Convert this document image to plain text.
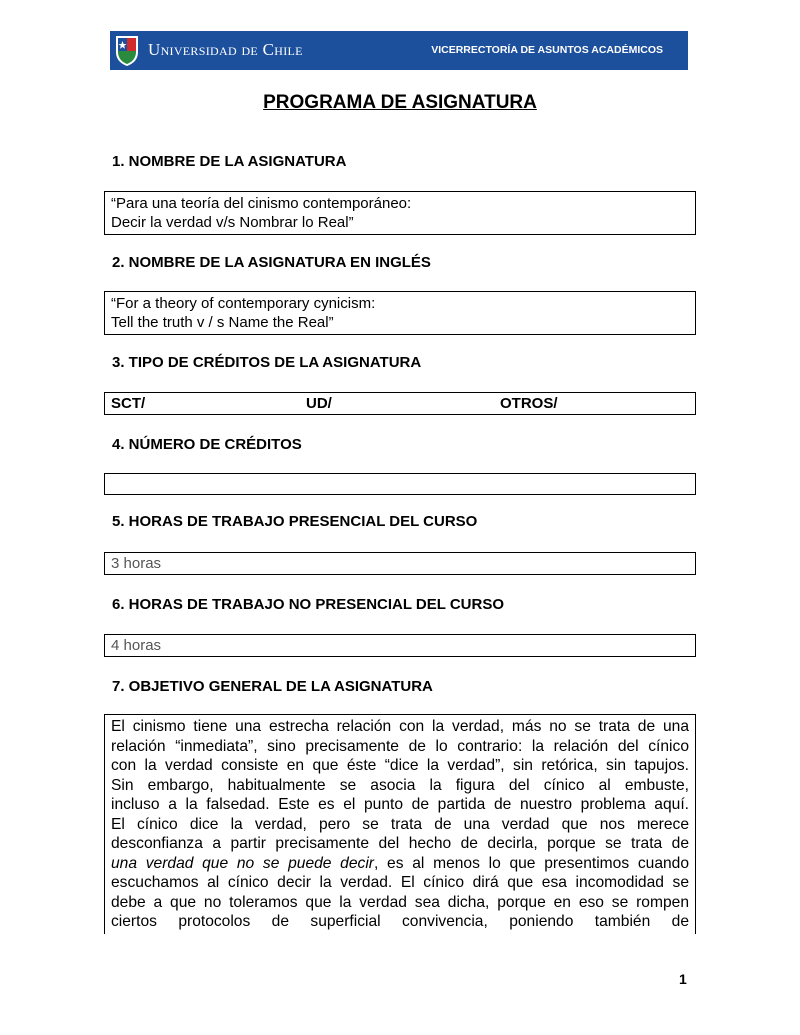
Universidad de Chile	VICERRECTORÍA DE ASUNTOS ACADÉMICOS
PROGRAMA DE ASIGNATURA
1. NOMBRE DE LA ASIGNATURA
“Para una teoría del cinismo contemporáneo:
Decir la verdad v/s Nombrar lo Real”
2. NOMBRE DE LA ASIGNATURA EN INGLÉS
“For a theory of contemporary cynicism:
Tell the truth v / s Name the Real”
3. TIPO DE CRÉDITOS DE LA ASIGNATURA
SCT/	UD/	OTROS/
4. NÚMERO DE CRÉDITOS
5. HORAS DE TRABAJO PRESENCIAL DEL CURSO
3 horas
6. HORAS DE TRABAJO NO PRESENCIAL DEL CURSO
4 horas
7. OBJETIVO GENERAL DE LA ASIGNATURA

El cinismo tiene una estrecha relación con la verdad, más no se trata de una

relación “inmediata”, sino precisamente de lo contrario: la relación del cínico

con la verdad consiste en que éste “dice la verdad”, sin retórica, sin tapujos.

Sin embargo, habitualmente se asocia la figura del cínico al embuste,

incluso a la falsedad. Este es el punto de partida de nuestro problema aquí.

El cínico dice la verdad, pero se trata de una verdad que nos merece

desconfianza a partir precisamente del hecho de decirla, porque se trata de

una verdad que no se puede decir, es al menos lo que presentimos cuando

escuchamos al cínico decir la verdad. El cínico dirá que esa incomodidad se

debe a que no toleramos que la verdad sea dicha, porque en eso se rompen

ciertos protocolos de superficial convivencia, poniendo también de

1
